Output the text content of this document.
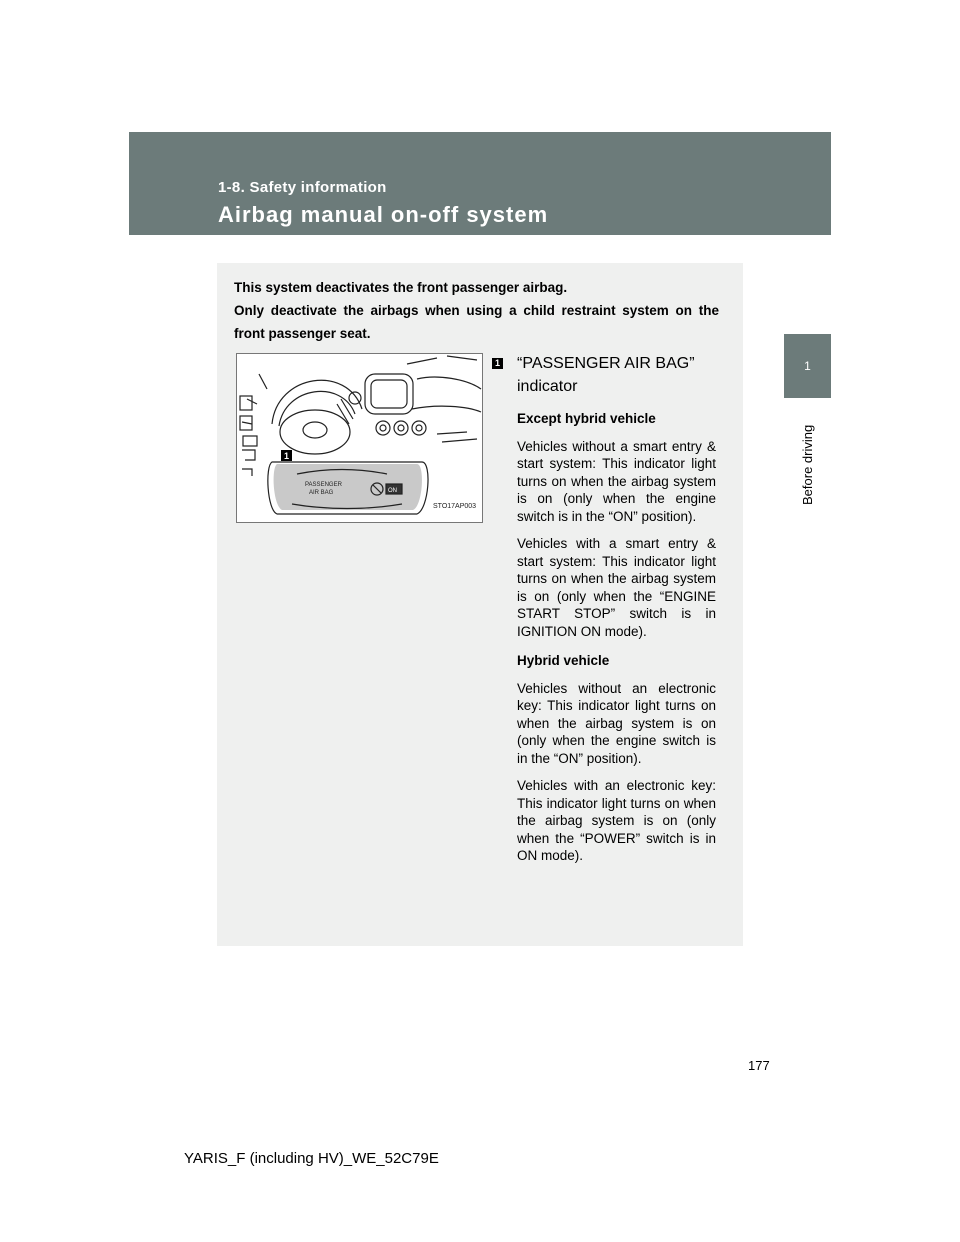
1-8. Safety information
Airbag manual on-off system
1
Before driving

This system deactivates the front passenger airbag.

Only deactivate the airbags when using a child restraint system on the front passenger seat.

1
PASSENGER
AIR BAG	ON
STO17AP003
1 “PASSENGER AIR BAG” indicator

Except hybrid vehicle

Vehicles without a smart entry & start system: This indicator light turns on when the airbag system is on (only when the engine switch is in the “ON” position).

Vehicles with a smart entry & start system: This indicator light turns on when the airbag system is on (only when the “ENGINE START STOP” switch is in IGNITION ON mode).

Hybrid vehicle

Vehicles without an electronic key: This indicator light turns on when the airbag system is on (only when the engine switch is in the “ON” position).

Vehicles with an electronic key: This indicator light turns on when the airbag system is on (only when the “POWER” switch is in ON mode).

177
YARIS_F (including HV)_WE_52C79E
